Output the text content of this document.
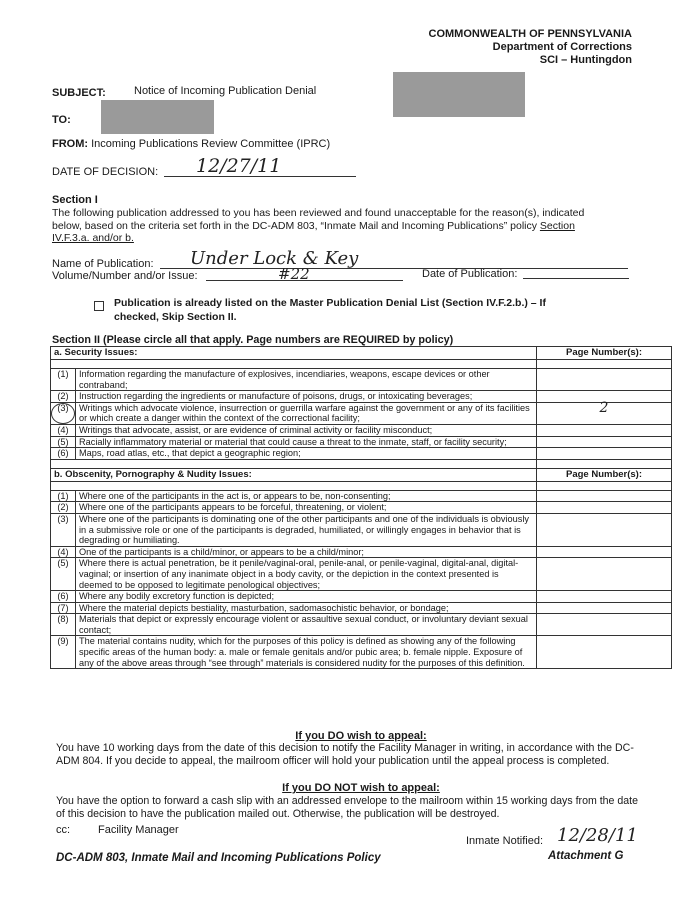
COMMONWEALTH OF PENNSYLVANIA
Department of Corrections
SCI – Huntingdon
SUBJECT:	Notice of Incoming Publication Denial
TO:
FROM: Incoming Publications Review Committee (IPRC)
DATE OF DECISION: 12/27/11
Section I
The following publication addressed to you has been reviewed and found unacceptable for the reason(s), indicated
below, based on the criteria set forth in the DC-ADM 803, “Inmate Mail and Incoming Publications” policy Section
IV.F.3.a. and/or b.
Name of Publication: Under Lock & Key
Volume/Number and/or Issue:	#22	Date of Publication:
Publication is already listed on the Master Publication Denial List (Section IV.F.2.b.) – If
checked, Skip Section II.
Section II (Please circle all that apply. Page numbers are REQUIRED by policy)
a. Security Issues:		Page Number(s):

(1)	Information regarding the manufacture of explosives, incendiaries, weapons, escape devices or other contraband;	
(2)	Instruction regarding the ingredients or manufacture of poisons, drugs, or intoxicating beverages;	
(3)	Writings which advocate violence, insurrection or guerrilla warfare against the government or any of its facilities or which create a danger within the context of the correctional facility;	2
(4)	Writings that advocate, assist, or are evidence of criminal activity or facility misconduct;	
(5)	Racially inflammatory material or material that could cause a threat to the inmate, staff, or facility security;	
(6)	Maps, road atlas, etc., that depict a geographic region;	

b. Obscenity, Pornography & Nudity Issues:		Page Number(s):

(1)	Where one of the participants in the act is, or appears to be, non-consenting;	
(2)	Where one of the participants appears to be forceful, threatening, or violent;	
(3)	Where one of the participants is dominating one of the other participants and one of the individuals is obviously in a submissive role or one of the participants is degraded, humiliated, or willingly engages in behavior that is degrading or humiliating.	
(4)	One of the participants is a child/minor, or appears to be a child/minor;	
(5)	Where there is actual penetration, be it penile/vaginal-oral, penile-anal, or penile-vaginal, digital-anal, digital-vaginal; or insertion of any inanimate object in a body cavity, or the depiction in the context presented is deemed to be opposed to legitimate penological objectives;	
(6)	Where any bodily excretory function is depicted;	
(7)	Where the material depicts bestiality, masturbation, sadomasochistic behavior, or bondage;	
(8)	Materials that depict or expressly encourage violent or assaultive sexual conduct, or involuntary deviant sexual contact;	
(9)	The material contains nudity, which for the purposes of this policy is defined as showing any of the following specific areas of the human body: a. male or female genitals and/or pubic area; b. female nipple. Exposure of any of the above areas through “see through” materials is considered nudity for the purposes of this definition.	
If you DO wish to appeal:
You have 10 working days from the date of this decision to notify the Facility Manager in writing, in accordance with the DC-ADM 804. If you decide to appeal, the mailroom officer will hold your publication until the appeal process is completed.
If you DO NOT wish to appeal:
You have the option to forward a cash slip with an addressed envelope to the mailroom within 15 working days from the date of this decision to have the publication mailed out. Otherwise, the publication will be destroyed.
cc:	Facility Manager
Inmate Notified: 12/28/11
DC-ADM 803, Inmate Mail and Incoming Publications Policy	Attachment G
